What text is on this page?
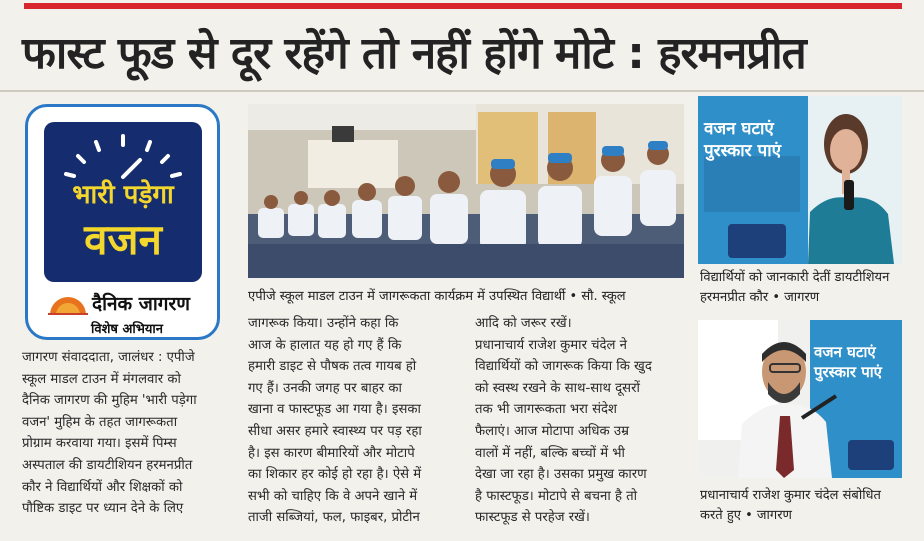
फास्ट फूड से दूर रहेंगे तो नहीं होंगे मोटे : हरमनप्रीत
भारी पड़ेगा
वजन
दैनिक जागरण
विशेष अभियान
एपीजे स्कूल माडल टाउन में जागरूकता कार्यक्रम में उपस्थित विद्यार्थी • सौ. स्कूल
वजन घटाएं पुरस्कार पाएं
विद्यार्थियों को जानकारी देतीं डायटीशियन
हरमनप्रीत कौर • जागरण
वजन घटाएं पुरस्कार पाएं
प्रधानाचार्य राजेश कुमार चंदेल संबोधित
करते हुए • जागरण
जागरण संवाददाता, जालंधर : एपीजे
स्कूल माडल टाउन में मंगलवार को
दैनिक जागरण की मुहिम 'भारी पड़ेगा
वजन' मुहिम के तहत जागरूकता
प्रोग्राम करवाया गया। इसमें पिम्स
अस्पताल की डायटीशियन हरमनप्रीत
कौर ने विद्यार्थियों और शिक्षकों को
पौष्टिक डाइट पर ध्यान देने के लिए
जागरूक किया। उन्होंने कहा कि
आज के हालात यह हो गए हैं कि
हमारी डाइट से पौषक तत्व गायब हो
गए हैं। उनकी जगह पर बाहर का
खाना व फास्टफूड आ गया है। इसका
सीधा असर हमारे स्वास्थ्य पर पड़ रहा
है। इस कारण बीमारियों और मोटापे
का शिकार हर कोई हो रहा है। ऐसे में
सभी को चाहिए कि वे अपने खाने में
ताजी सब्जियां, फल, फाइबर, प्रोटीन
आदि को जरूर रखें।
प्रधानाचार्य राजेश कुमार चंदेल ने
विद्यार्थियों को जागरूक किया कि खुद
को स्वस्थ रखने के साथ-साथ दूसरों
तक भी जागरूकता भरा संदेश
फैलाएं। आज मोटापा अधिक उम्र
वालों में नहीं, बल्कि बच्चों में भी
देखा जा रहा है। उसका प्रमुख कारण
है फास्टफूड। मोटापे से बचना है तो
फास्टफूड से परहेज रखें।
